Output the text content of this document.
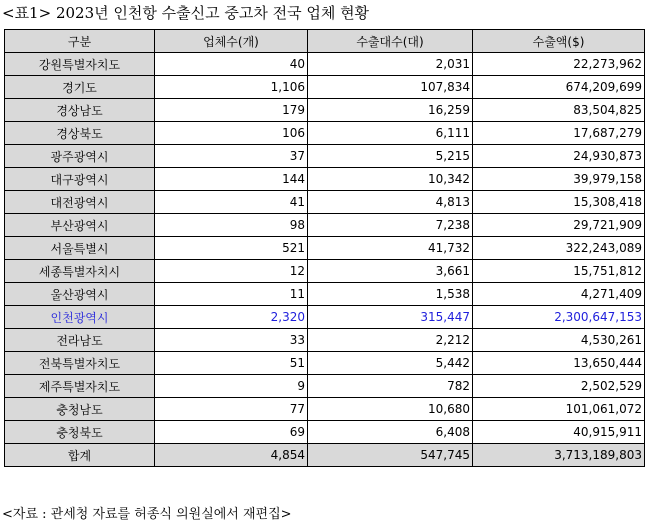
<표1> 2023년 인천항 수출신고 중고차 전국 업체 현황
구분	업체수(개)	수출대수(대)	수출액($)
강원특별자치도	40	2,031	22,273,962
경기도	1,106	107,834	674,209,699
경상남도	179	16,259	83,504,825
경상북도	106	6,111	17,687,279
광주광역시	37	5,215	24,930,873
대구광역시	144	10,342	39,979,158
대전광역시	41	4,813	15,308,418
부산광역시	98	7,238	29,721,909
서울특별시	521	41,732	322,243,089
세종특별자치시	12	3,661	15,751,812
울산광역시	11	1,538	4,271,409
인천광역시	2,320	315,447	2,300,647,153
전라남도	33	2,212	4,530,261
전북특별자치도	51	5,442	13,650,444
제주특별자치도	9	782	2,502,529
충청남도	77	10,680	101,061,072
충청북도	69	6,408	40,915,911
합계	4,854	547,745	3,713,189,803
<자료 : 관세청 자료를 허종식 의원실에서 재편집>
